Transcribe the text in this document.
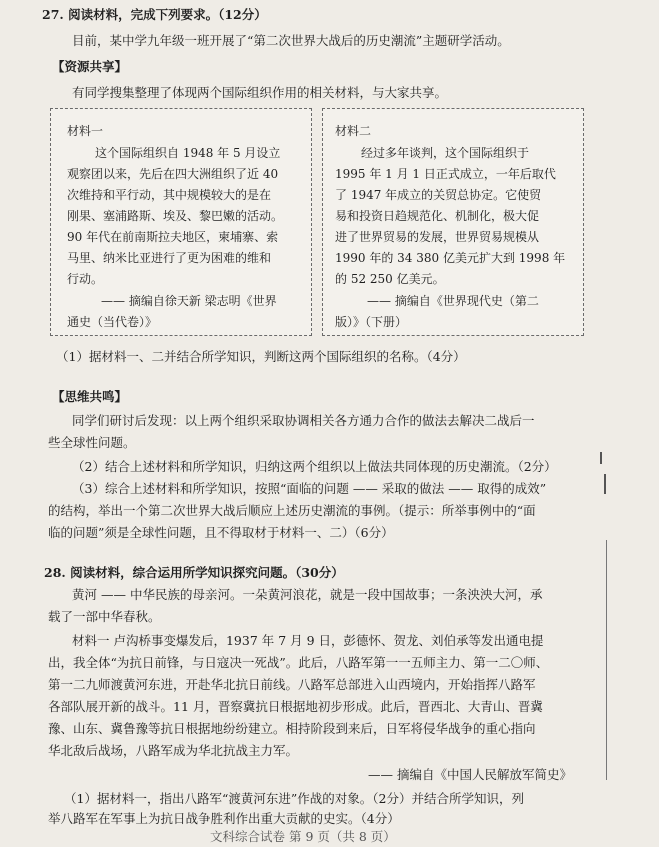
27. 阅读材料，完成下列要求。（12分）
目前，某中学九年级一班开展了“第二次世界大战后的历史潮流”主题研学活动。
【资源共享】
有同学搜集整理了体现两个国际组织作用的相关材料，与大家共享。
材料一
这个国际组织自 1948 年 5 月设立
观察团以来，先后在四大洲组织了近 40
次维持和平行动，其中规模较大的是在
刚果、塞浦路斯、埃及、黎巴嫩的活动。
90 年代在前南斯拉夫地区，柬埔寨、索
马里、纳米比亚进行了更为困难的维和
行动。
—— 摘编自徐天新 梁志明《世界
通史（当代卷）》
材料二
经过多年谈判，这个国际组织于
1995 年 1 月 1 日正式成立，一年后取代
了 1947 年成立的关贸总协定。它使贸
易和投资日趋规范化、机制化，极大促
进了世界贸易的发展，世界贸易规模从
1990 年的 34 380 亿美元扩大到 1998 年
的 52 250 亿美元。
—— 摘编自《世界现代史（第二
版）》（下册）
（1）据材料一、二并结合所学知识，判断这两个国际组织的名称。（4分）
【思维共鸣】
同学们研讨后发现：以上两个组织采取协调相关各方通力合作的做法去解决二战后一
些全球性问题。
（2）结合上述材料和所学知识，归纳这两个组织以上做法共同体现的历史潮流。（2分）
（3）综合上述材料和所学知识，按照“面临的问题 —— 采取的做法 —— 取得的成效”
的结构，举出一个第二次世界大战后顺应上述历史潮流的事例。（提示：所举事例中的“面
临的问题”须是全球性问题，且不得取材于材料一、二）（6分）
28. 阅读材料，综合运用所学知识探究问题。（30分）
黄河 —— 中华民族的母亲河。一朵黄河浪花，就是一段中国故事；一条泱泱大河，承
载了一部中华春秋。
材料一 卢沟桥事变爆发后，1937 年 7 月 9 日，彭德怀、贺龙、刘伯承等发出通电提
出，我全体“为抗日前锋，与日寇决一死战”。此后，八路军第一一五师主力、第一二〇师、
第一二九师渡黄河东进，开赴华北抗日前线。八路军总部进入山西境内，开始指挥八路军
各部队展开新的战斗。11 月，晋察冀抗日根据地初步形成。此后，晋西北、大青山、晋冀
豫、山东、冀鲁豫等抗日根据地纷纷建立。相持阶段到来后，日军将侵华战争的重心指向
华北敌后战场，八路军成为华北抗战主力军。
—— 摘编自《中国人民解放军简史》
（1）据材料一，指出八路军“渡黄河东进”作战的对象。（2分）并结合所学知识，列
举八路军在军事上为抗日战争胜利作出重大贡献的史实。（4分）
文科综合试卷 第 9 页（共 8 页）
